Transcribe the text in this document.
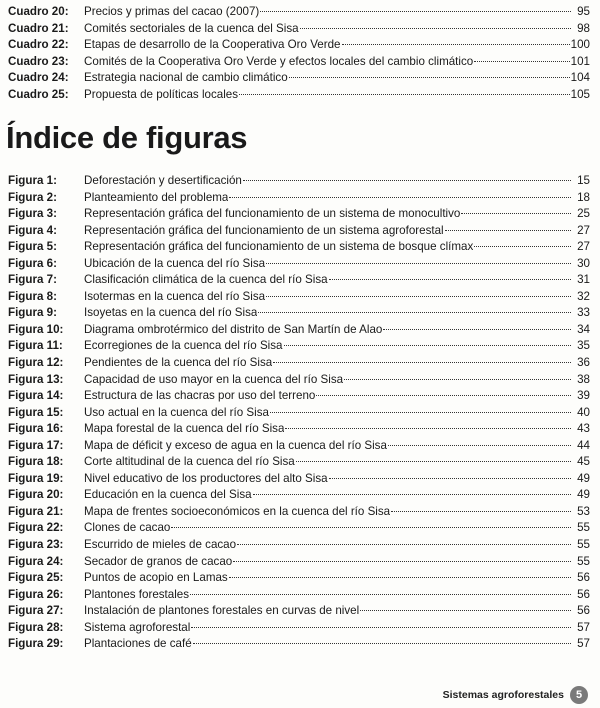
Cuadro 20:	Precios y primas del cacao (2007)	95
Cuadro 21:	Comités sectoriales de la cuenca del Sisa	98
Cuadro 22:	Etapas de desarrollo de la Cooperativa Oro Verde	100
Cuadro 23:	Comités de la Cooperativa Oro Verde y efectos locales del cambio climático	101
Cuadro 24:	Estrategia nacional de cambio climático	104
Cuadro 25:	Propuesta de políticas locales	105
Índice de figuras
Figura 1:	Deforestación y desertificación	15
Figura 2:	Planteamiento del problema	18
Figura 3:	Representación gráfica del funcionamiento de un sistema de monocultivo	25
Figura 4:	Representación gráfica del funcionamiento de un sistema agroforestal	27
Figura 5:	Representación gráfica del funcionamiento de un sistema de bosque clímax	27
Figura 6:	Ubicación de la cuenca del río Sisa	30
Figura 7:	Clasificación climática de la cuenca del río Sisa	31
Figura 8:	Isotermas en la cuenca del río Sisa	32
Figura 9:	Isoyetas en la cuenca del río Sisa	33
Figura 10:	Diagrama ombrotérmico del distrito de San Martín de Alao	34
Figura 11:	Ecorregiones de la cuenca del río Sisa	35
Figura 12:	Pendientes de la cuenca del río Sisa	36
Figura 13:	Capacidad de uso mayor en la cuenca del río Sisa	38
Figura 14:	Estructura de las chacras por uso del terreno	39
Figura 15:	Uso actual en la cuenca del río Sisa	40
Figura 16:	Mapa forestal de la cuenca del río Sisa	43
Figura 17:	Mapa de déficit y exceso de agua en la cuenca del río Sisa	44
Figura 18:	Corte altitudinal de la cuenca del río Sisa	45
Figura 19:	Nivel educativo de los productores del alto Sisa	49
Figura 20:	Educación en la cuenca del Sisa	49
Figura 21:	Mapa de frentes socioeconómicos en la cuenca del río Sisa	53
Figura 22:	Clones de cacao	55
Figura 23:	Escurrido de mieles de cacao	55
Figura 24:	Secador de granos de cacao	55
Figura 25:	Puntos de acopio en Lamas	56
Figura 26:	Plantones forestales	56
Figura 27:	Instalación de plantones forestales en curvas de nivel	56
Figura 28:	Sistema agroforestal	57
Figura 29:	Plantaciones de café	57
Sistemas agroforestales	5
